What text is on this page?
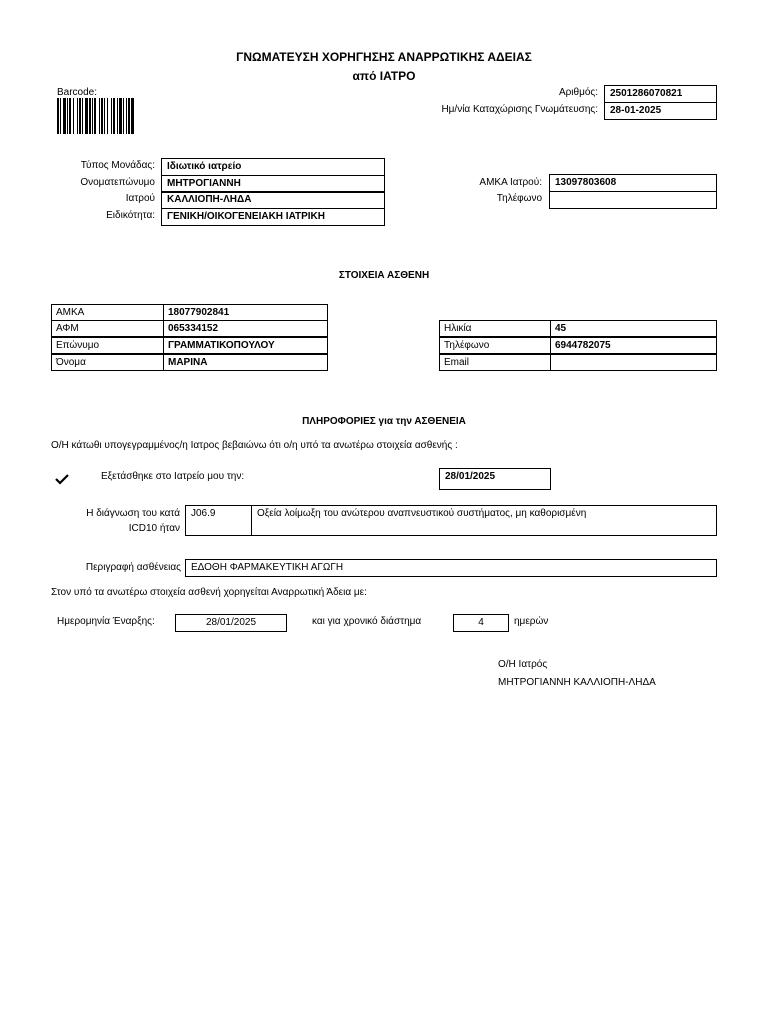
ΓΝΩΜΑΤΕΥΣΗ ΧΟΡΗΓΗΣΗΣ ΑΝΑΡΡΩΤΙΚΗΣ ΑΔΕΙΑΣ
από ΙΑΤΡΟ
Barcode:	Αριθμός:	2501286070821
Ημ/νία Καταχώρισης Γνωμάτευσης:	28-01-2025
Τύπος Μονάδας:	Ιδιωτικό ιατρείο
Ονοματεπώνυμο	ΜΗΤΡΟΓΙΑΝΝΗ
Ιατρού	ΚΑΛΛΙΟΠΗ-ΛΗΔΑ
Ειδικότητα:	ΓΕΝΙΚΗ/ΟΙΚΟΓΕΝΕΙΑΚΗ ΙΑΤΡΙΚΗ
ΑΜΚΑ Ιατρού:	13097803608
Τηλέφωνο
ΣΤΟΙΧΕΙΑ ΑΣΘΕΝΗ
ΑΜΚΑ	18077902841
ΑΦΜ	065334152
Επώνυμο	ΓΡΑΜΜΑΤΙΚΟΠΟΥΛΟΥ
Όνομα	ΜΑΡΙΝΑ
Ηλικία	45
Τηλέφωνο	6944782075
Email
ΠΛΗΡΟΦΟΡΙΕΣ για την ΑΣΘΕΝΕΙΑ
Ο/Η κάτωθι υπογεγραμμένος/η Ιατρος βεβαιώνω ότι ο/η υπό τα ανωτέρω στοιχεία ασθενής :
Εξετάσθηκε στο Ιατρείο μου την:	28/01/2025
Η διάγνωση του κατά
ICD10 ήταν
J06.9	Οξεία λοίμωξη του ανώτερου αναπνευστικού συστήματος, μη καθορισμένη
Περιγραφή ασθένειας	ΕΔΟΘΗ ΦΑΡΜΑΚΕΥΤΙΚΗ ΑΓΩΓΗ
Στον υπό τα ανωτέρω στοιχεία ασθενή χορηγείται Αναρρωτική Άδεια με:
Ημερομηνία Έναρξης:	28/01/2025	και για χρονικό διάστημα	4	ημερών
Ο/Η Ιατρός
ΜΗΤΡΟΓΙΑΝΝΗ ΚΑΛΛΙΟΠΗ-ΛΗΔΑ
